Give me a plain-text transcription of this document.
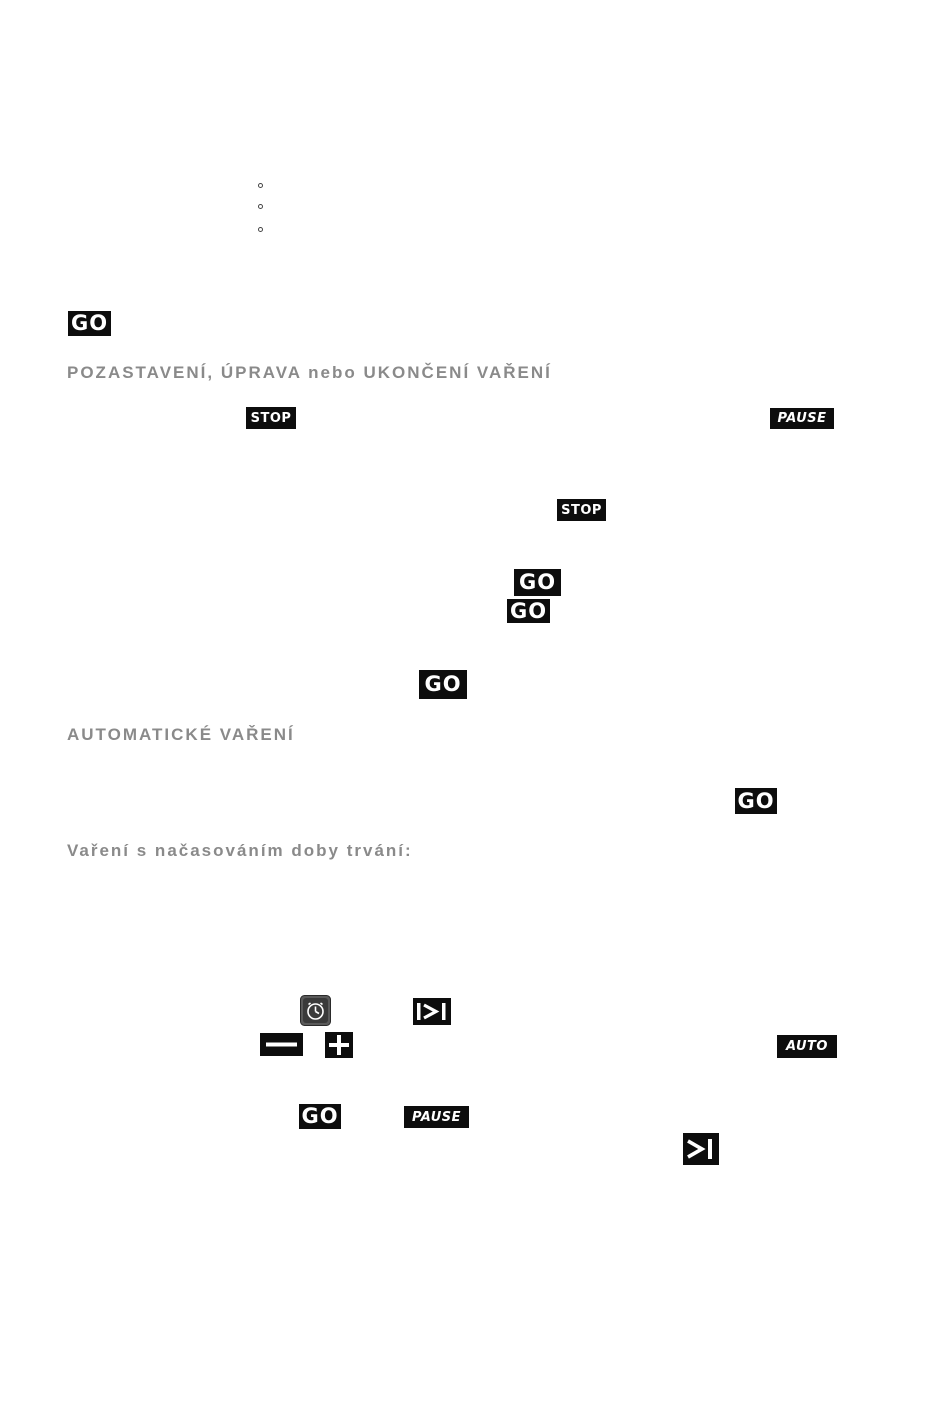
GO
POZASTAVENÍ, ÚPRAVA nebo UKONČENÍ VAŘENÍ
STOP	PAUSE
STOP
GO
GO
GO
AUTOMATICKÉ VAŘENÍ
GO
Vaření s načasováním doby trvání:
AUTO
GO	PAUSE
